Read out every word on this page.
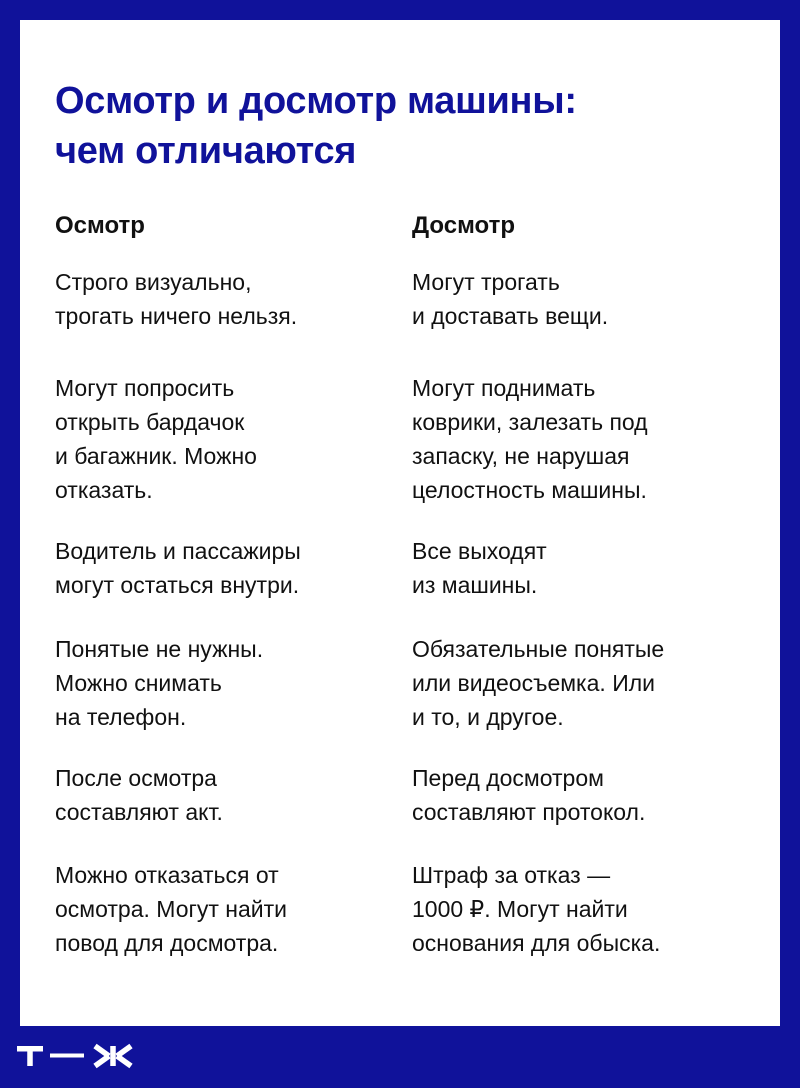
Осмотр и досмотр машины:
чем отличаются
Осмотр

Строго визуально,
трогать ничего нельзя.

Могут попросить
открыть бардачок
и багажник. Можно
отказать.

Водитель и пассажиры
могут остаться внутри.

Понятые не нужны.
Можно снимать
на телефон.

После осмотра
составляют акт.

Можно отказаться от
осмотра. Могут найти
повод для досмотра.

Досмотр

Могут трогать
и доставать вещи.

Могут поднимать
коврики, залезать под
запаску, не нарушая
целостность машины.

Все выходят
из машины.

Обязательные понятые
или видеосъемка. Или
и то, и другое.

Перед досмотром
составляют протокол.

Штраф за отказ —
1000 ₽. Могут найти
основания для обыска.
